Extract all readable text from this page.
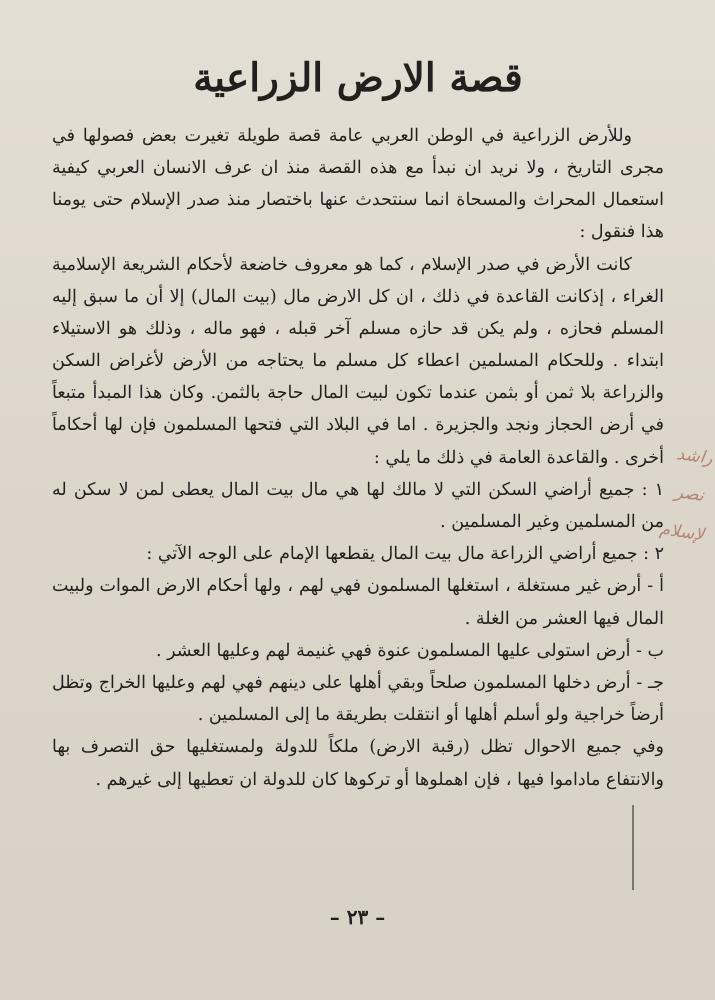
قصة الارض الزراعية

وللأرض الزراعية في الوطن العربي عامة قصة طويلة تغيرت بعض فصولها في مجرى التاريخ ، ولا نريد ان نبدأ مع هذه القصة منذ ان عرف الانسان العربي كيفية استعمال المحراث والمسحاة انما سنتحدث عنها باختصار منذ صدر الإسلام حتى يومنا هذا فنقول :

كانت الأرض في صدر الإسلام ، كما هو معروف خاضعة لأحكام الشريعة الإسلامية الغراء ، إذكانت القاعدة في ذلك ، ان كل الارض مال (بيت المال) إلا أن ما سبق إليه المسلم فحازه ، ولم يكن قد حازه مسلم آخر قبله ، فهو ماله ، وذلك هو الاستيلاء ابتداء . وللحكام المسلمين اعطاء كل مسلم ما يحتاجه من الأرض لأغراض السكن والزراعة بلا ثمن أو بثمن عندما تكون لبيت المال حاجة بالثمن. وكان هذا المبدأ متبعاً في أرض الحجاز ونجد والجزيرة . اما في البلاد التي فتحها المسلمون فإن لها أحكاماً أخرى . والقاعدة العامة في ذلك ما يلي :

١ : جميع أراضي السكن التي لا مالك لها هي مال بيت المال يعطى لمن لا سكن له من المسلمين وغير المسلمين .

٢ : جميع أراضي الزراعة مال بيت المال يقطعها الإمام على الوجه الآتي :

أ - أرض غير مستغلة ، استغلها المسلمون فهي لهم ، ولها أحكام الارض الموات ولبيت المال فيها العشر من الغلة .

ب - أرض استولى عليها المسلمون عنوة فهي غنيمة لهم وعليها العشر .

جـ - أرض دخلها المسلمون صلحاً وبقي أهلها على دينهم فهي لهم وعليها الخراج وتظل أرضاً خراجية ولو أسلم أهلها أو انتقلت بطريقة ما إلى المسلمين .

وفي جميع الاحوال تظل (رقبة الارض) ملكاً للدولة ولمستغليها حق التصرف بها والانتفاع ماداموا فيها ، فإن اهملوها أو تركوها كان للدولة ان تعطيها إلى غيرهم .

– ٢٣ –
راشد
نصر
لإسلام
